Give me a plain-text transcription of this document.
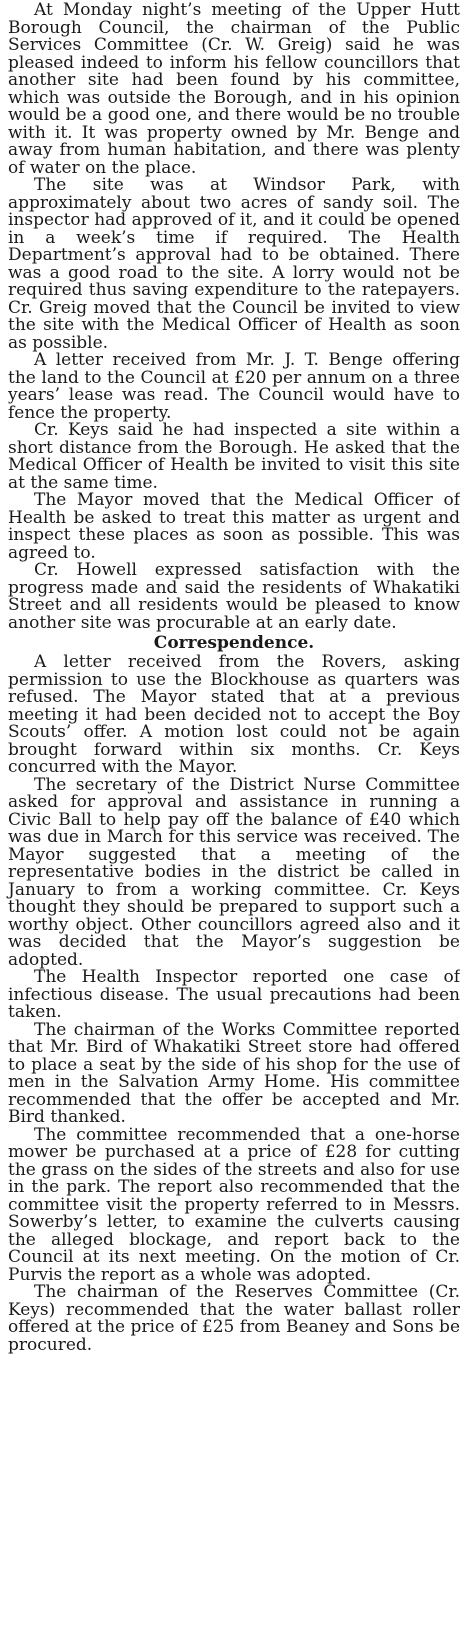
At Monday night’s meeting of the Upper Hutt Borough Council, the chairman of the Public Services Committee (Cr. W. Greig) said he was pleased indeed to inform his fellow councillors that another site had been found by his committee, which was outside the Borough, and in his opinion would be a good one, and there would be no trouble with it. It was property owned by Mr. Benge and away from human habitation, and there was plenty of water on the place.

The site was at Windsor Park, with approximately about two acres of sandy soil. The inspector had approved of it, and it could be opened in a week’s time if required. The Health Department’s approval had to be obtained. There was a good road to the site. A lorry would not be required thus saving expenditure to the ratepayers. Cr. Greig moved that the Council be invited to view the site with the Medical Officer of Health as soon as possible.

A letter received from Mr. J. T. Benge offering the land to the Council at £20 per annum on a three years’ lease was read. The Council would have to fence the property.

Cr. Keys said he had inspected a site within a short distance from the Borough. He asked that the Medical Officer of Health be invited to visit this site at the same time.

The Mayor moved that the Medical Officer of Health be asked to treat this matter as urgent and inspect these places as soon as possible. This was agreed to.

Cr. Howell expressed satisfaction with the progress made and said the residents of Whakatiki Street and all residents would be pleased to know another site was procurable at an early date.

Correspendence.

A letter received from the Rovers, asking permission to use the Blockhouse as quarters was refused. The Mayor stated that at a previous meeting it had been decided not to accept the Boy Scouts’ offer. A motion lost could not be again brought forward within six months. Cr. Keys concurred with the Mayor.

The secretary of the District Nurse Committee asked for approval and assistance in running a Civic Ball to help pay off the balance of £40 which was due in March for this service was received. The Mayor suggested that a meeting of the representative bodies in the district be called in January to from a working committee. Cr. Keys thought they should be prepared to support such a worthy object. Other councillors agreed also and it was decided that the Mayor’s suggestion be adopted.

The Health Inspector reported one case of infectious disease. The usual precautions had been taken.

The chairman of the Works Committee reported that Mr. Bird of Whakatiki Street store had offered to place a seat by the side of his shop for the use of men in the Salvation Army Home. His committee recommended that the offer be accepted and Mr. Bird thanked.

The committee recommended that a one-horse mower be purchased at a price of £28 for cutting the grass on the sides of the streets and also for use in the park. The report also recommended that the committee visit the property referred to in Messrs. Sowerby’s letter, to examine the culverts causing the alleged blockage, and report back to the Council at its next meeting. On the motion of Cr. Purvis the report as a whole was adopted.

The chairman of the Reserves Committee (Cr. Keys) recommended that the water ballast roller offered at the price of £25 from Beaney and Sons be procured.
